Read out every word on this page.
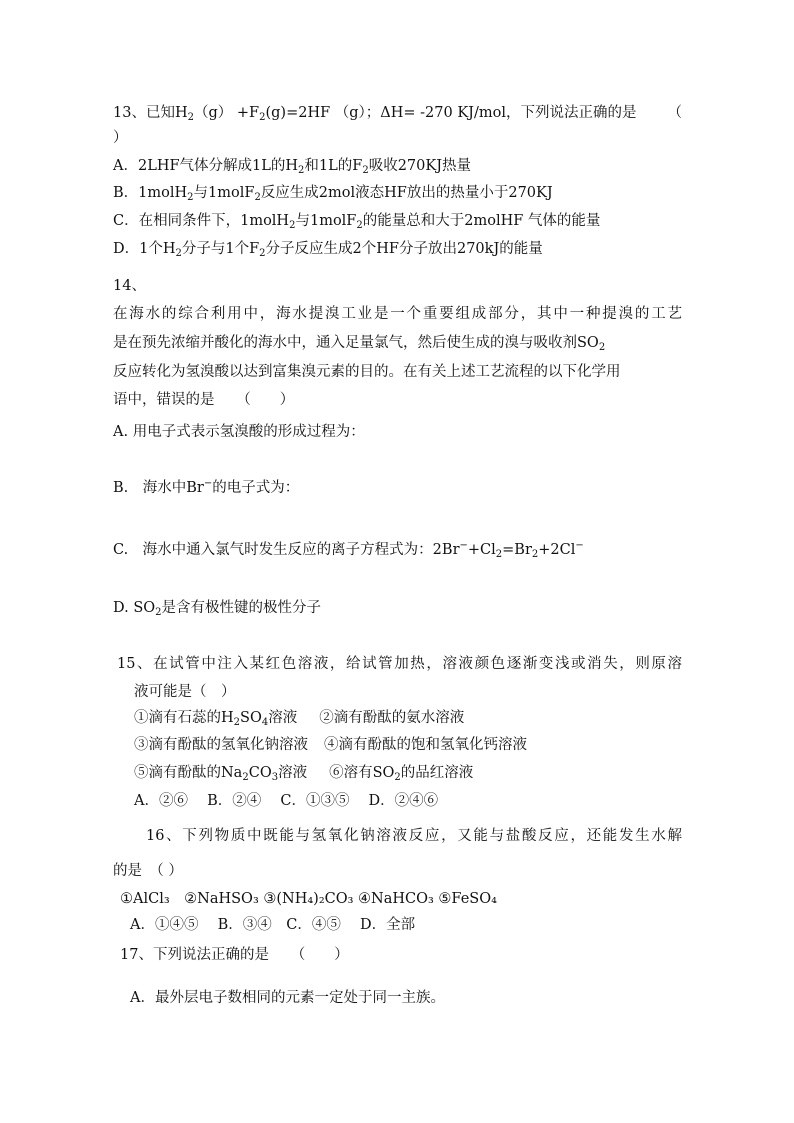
13、已知$H_2(g) +F_2(g)=2HF$ （g）；ΔH= -270 KJ/mol，下列说法正确的是 （
）
A．2LHF气体分解成1L的$H_2$和1L的$F_2$吸收270KJ热量
B．1molH$_2$与1molF$_2$反应生成2mol液态HF放出的热量小于270KJ
C．在相同条件下，1molH$_2$与1molF$_2$的能量总和大于2molHF 气体的能量
D．1个$H_2$分子与1个$F_2$分子反应生成2个HF分子放出270kJ的能量
14、
在海水的综合利用中，海水提溴工业是一个重要组成部分，其中一种提溴的工艺
是在预先浓缩并酸化的海水中，通入足量氯气，然后使生成的溴与吸收剂$SO_2$
反应转化为氢溴酸以达到富集溴元素的目的。在有关上述工艺流程的以下化学用
语中，错误的是　　（　　）
A. 用电子式表示氢溴酸的形成过程为：
B.　海水中Br−的电子式为：
C.　海水中通入氯气时发生反应的离子方程式为：$2Br^-+Cl_2=Br_2+2Cl^-$
D. $SO_2$是含有极性键的极性分子
15、在试管中注入某红色溶液，给试管加热，溶液颜色逐渐变浅或消失，则原溶
液可能是（　）
①滴有石蕊的$H_2SO_4$溶液 ②滴有酚酞的氨水溶液
③滴有酚酞的氢氧化钠溶液 ④滴有酚酞的饱和氢氧化钙溶液
⑤滴有酚酞的$Na_2CO_3$溶液 ⑥溶有$SO_2$的品红溶液
A．②⑥　 B．②④　 C．①③⑤　 D．②④⑥
16、下列物质中既能与氢氧化钠溶液反应，又能与盐酸反应，还能发生水解
的是　（ ）
①AlCl₃　②NaHSO₃ ③(NH₄)₂CO₃ ④NaHCO₃ ⑤FeSO₄
A．①④⑤　 B．③④　C．④⑤　 D．全部
17、下列说法正确的是　　（　　）
A．最外层电子数相同的元素一定处于同一主族。
